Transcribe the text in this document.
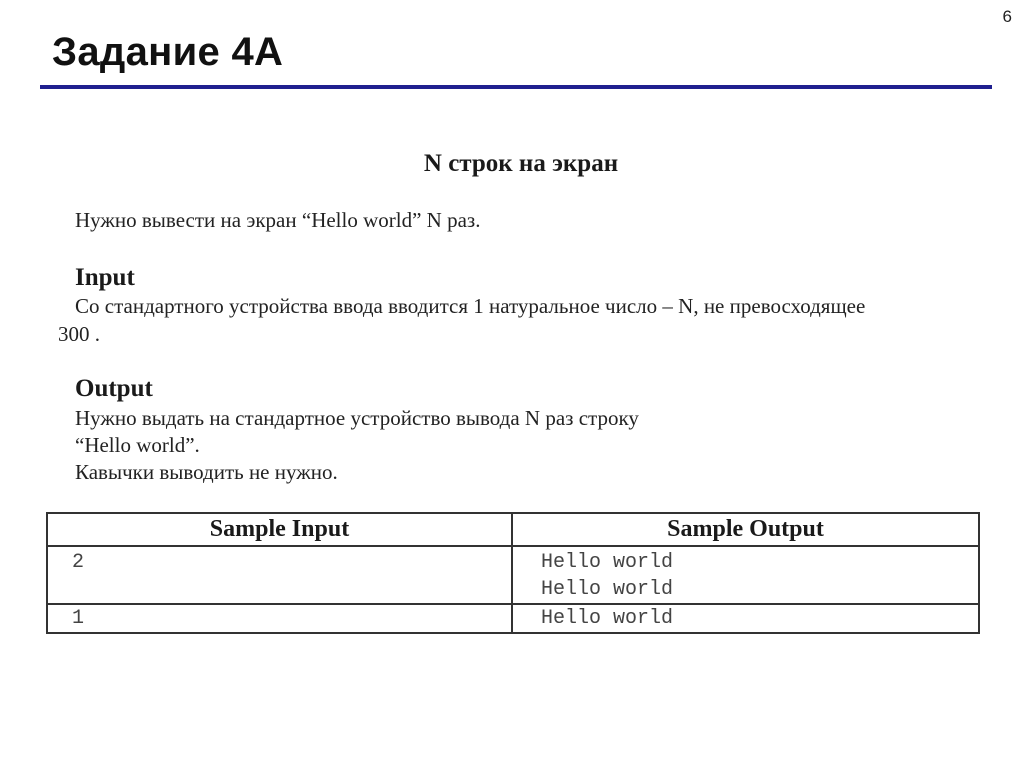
6
Задание 4А
N строк на экран
Нужно вывести на экран “Hello world” N раз.
Input
Со стандартного устройства ввода вводится 1 натуральное число – N, не превосходящее
300 .
Output
Нужно выдать на стандартное устройство вывода N раз строку
“Hello world”.
Кавычки выводить не нужно.
Sample Input	Sample Output

2	Hello world
Hello world

1	Hello world
